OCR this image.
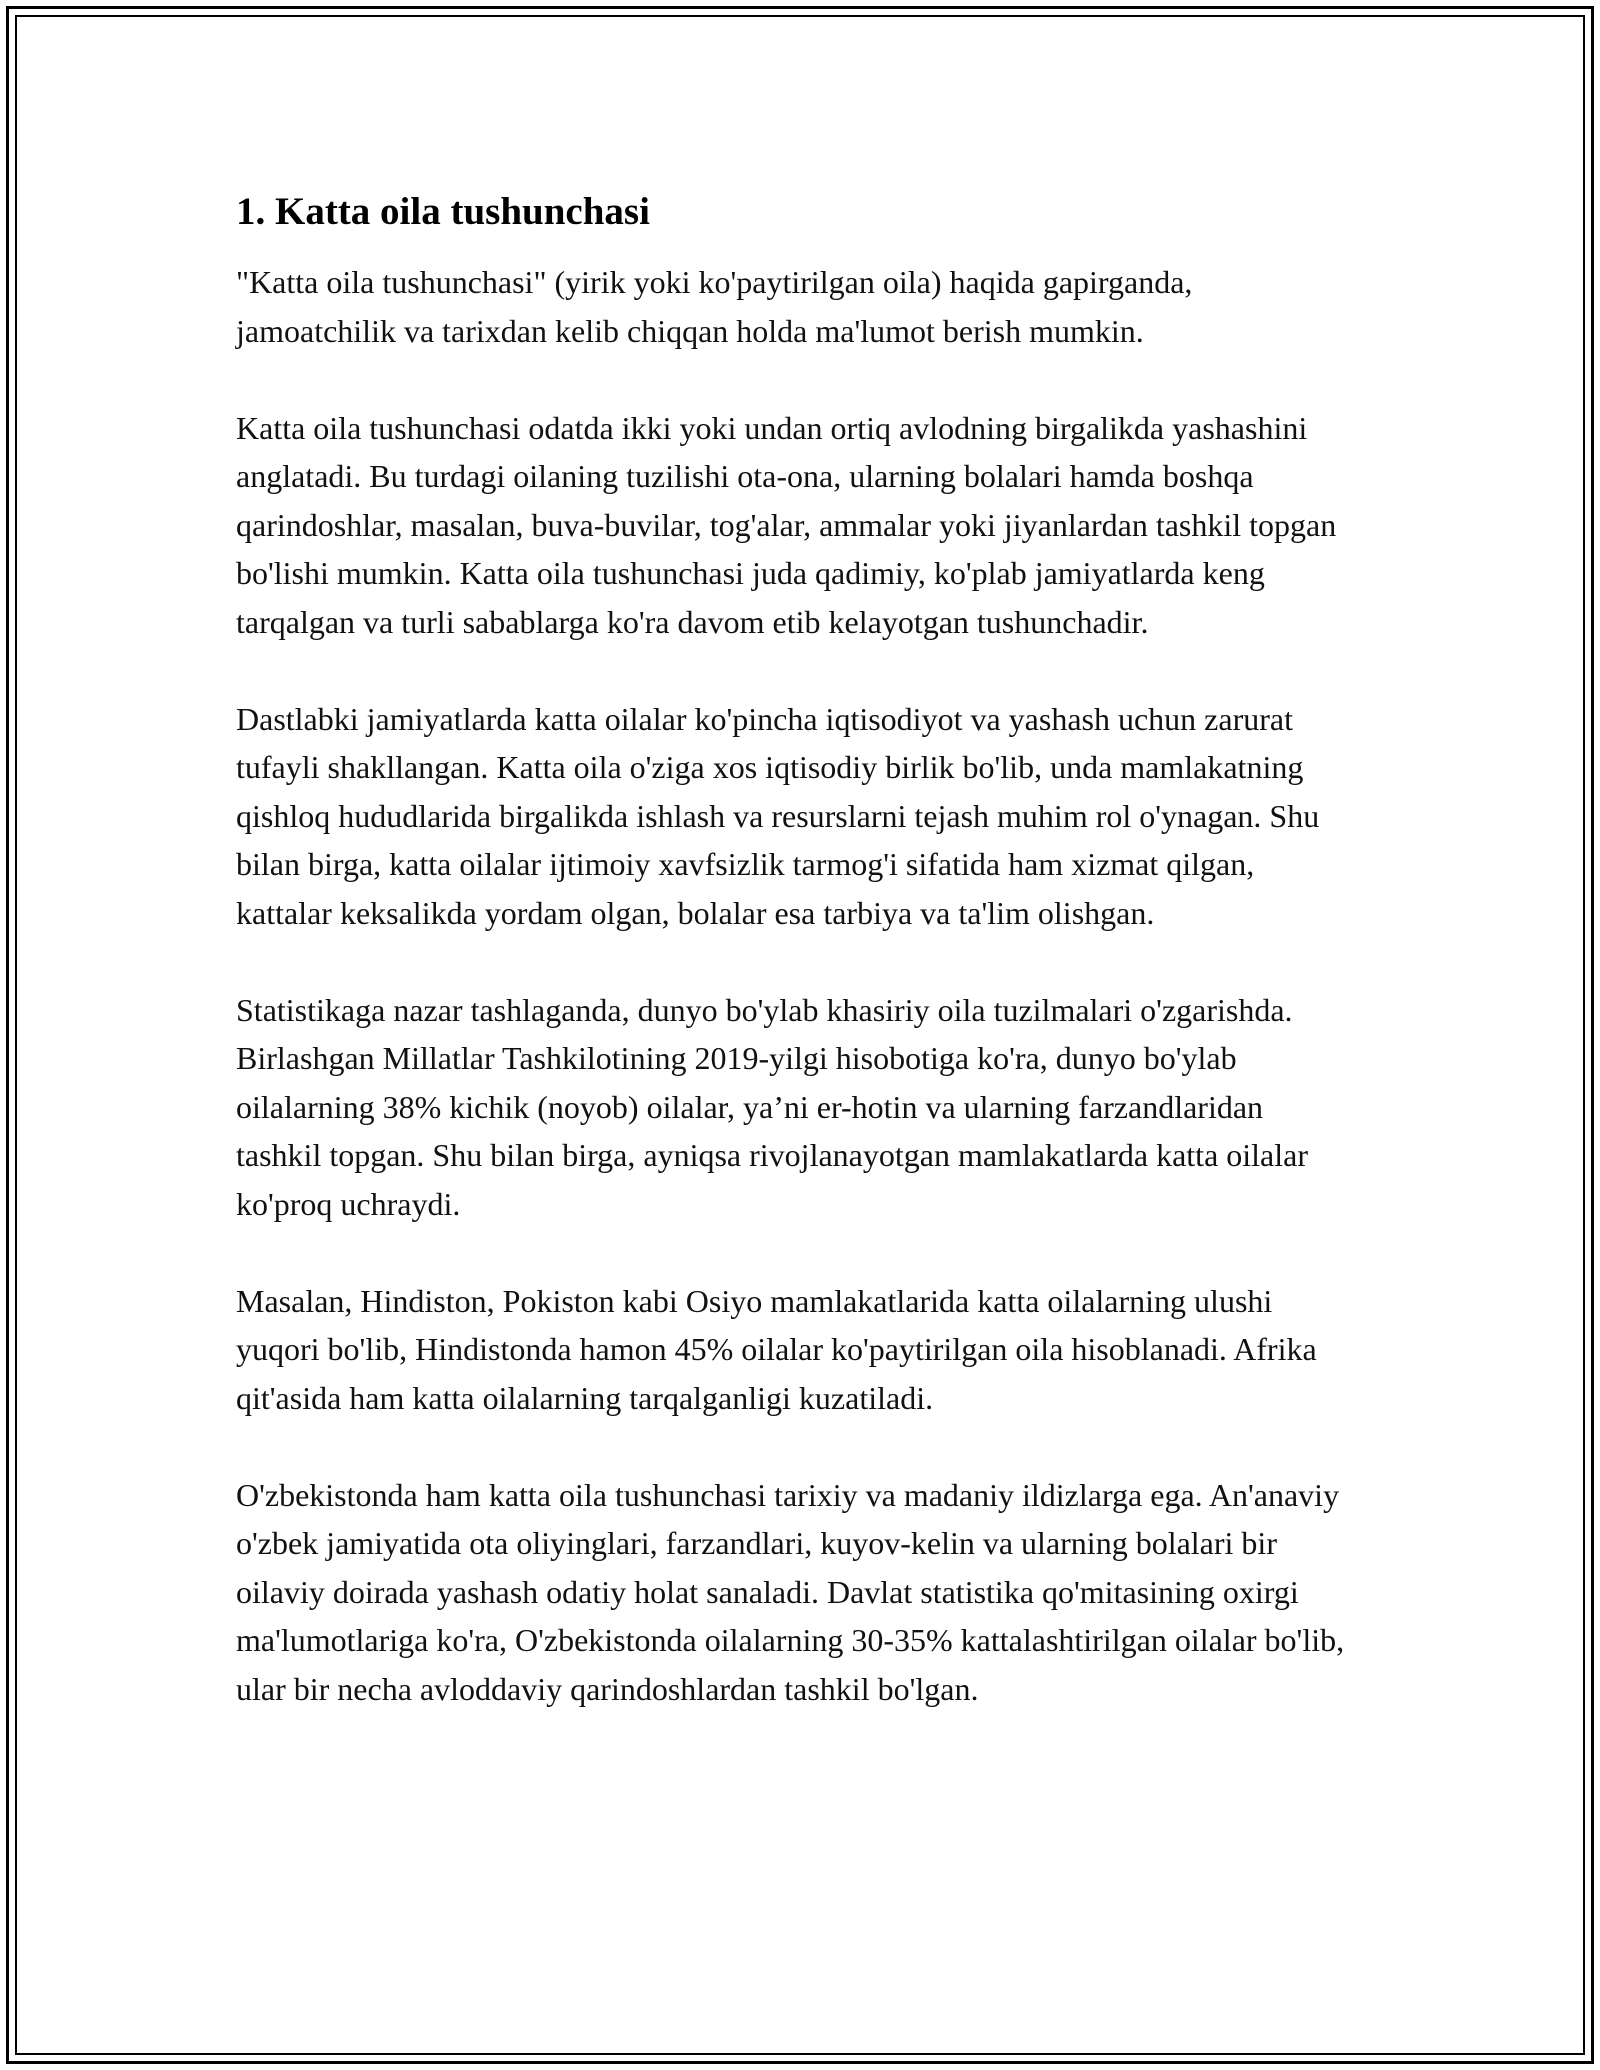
1. Katta oila tushunchasi

"Katta oila tushunchasi" (yirik yoki ko'paytirilgan oila) haqida gapirganda, jamoatchilik va tarixdan kelib chiqqan holda ma'lumot berish mumkin.

Katta oila tushunchasi odatda ikki yoki undan ortiq avlodning birgalikda yashashini anglatadi. Bu turdagi oilaning tuzilishi ota-ona, ularning bolalari hamda boshqa qarindoshlar, masalan, buva-buvilar, tog'alar, ammalar yoki jiyanlardan tashkil topgan bo'lishi mumkin. Katta oila tushunchasi juda qadimiy, ko'plab jamiyatlarda keng tarqalgan va turli sabablarga ko'ra davom etib kelayotgan tushunchadir.

Dastlabki jamiyatlarda katta oilalar ko'pincha iqtisodiyot va yashash uchun zarurat tufayli shakllangan. Katta oila o'ziga xos iqtisodiy birlik bo'lib, unda mamlakatning qishloq hududlarida birgalikda ishlash va resurslarni tejash muhim rol o'ynagan. Shu bilan birga, katta oilalar ijtimoiy xavfsizlik tarmog'i sifatida ham xizmat qilgan, kattalar keksalikda yordam olgan, bolalar esa tarbiya va ta'lim olishgan.

Statistikaga nazar tashlaganda, dunyo bo'ylab khasiriy oila tuzilmalari o'zgarishda. Birlashgan Millatlar Tashkilotining 2019-yilgi hisobotiga ko'ra, dunyo bo'ylab oilalarning 38% kichik (noyob) oilalar, ya’ni er-hotin va ularning farzandlaridan tashkil topgan. Shu bilan birga, ayniqsa rivojlanayotgan mamlakatlarda katta oilalar ko'proq uchraydi.

Masalan, Hindiston, Pokiston kabi Osiyo mamlakatlarida katta oilalarning ulushi yuqori bo'lib, Hindistonda hamon 45% oilalar ko'paytirilgan oila hisoblanadi. Afrika qit'asida ham katta oilalarning tarqalganligi kuzatiladi.

O'zbekistonda ham katta oila tushunchasi tarixiy va madaniy ildizlarga ega. An'anaviy o'zbek jamiyatida ota oliyinglari, farzandlari, kuyov-kelin va ularning bolalari bir oilaviy doirada yashash odatiy holat sanaladi. Davlat statistika qo'mitasining oxirgi ma'lumotlariga ko'ra, O'zbekistonda oilalarning 30-35% kattalashtirilgan oilalar bo'lib, ular bir necha avloddaviy qarindoshlardan tashkil bo'lgan.
